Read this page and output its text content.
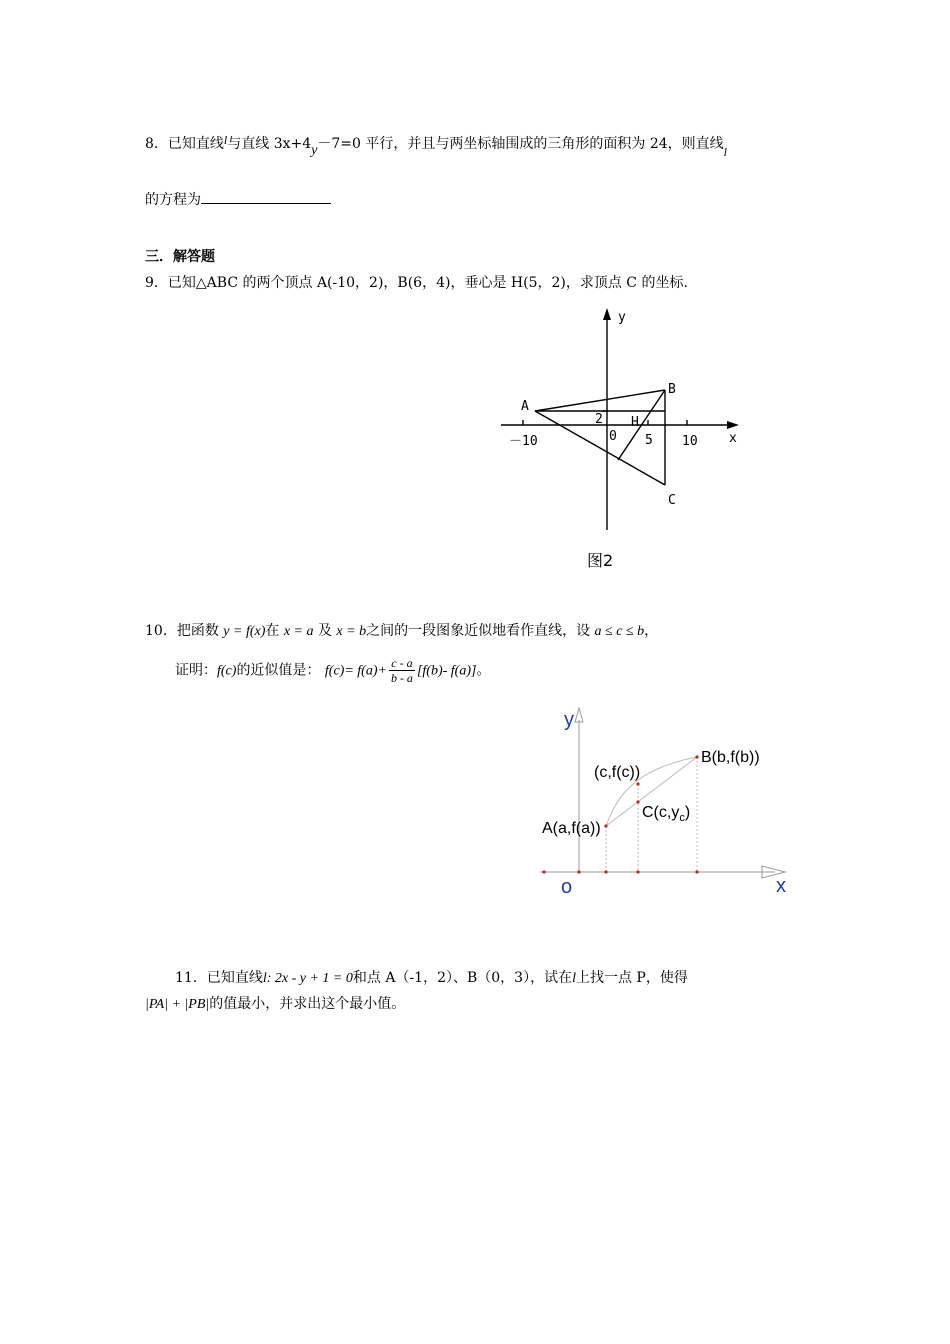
8．已知直线l与直线 3x+4y－7=0 平行，并且与两坐标轴围成的三角形的面积为 24，则直线l
的方程为
三．解答题
9．已知△ABC 的两个顶点 A(-10，2)，B(6，4)，垂心是 H(5，2)，求顶点 C 的坐标.
y
x
A
B
C
H
0
2
－10	5 10
图2
10．把函数 y = f(x)在 x = a 及 x = b之间的一段图象近似地看作直线，设 a ≤ c ≤ b，
证明：f(c)的近似值是： $f(c)= f(a)+ \frac{c - a}{b - a} [f(b)-$ f(a)]。
y
x
o
A(a,f(a))
B(b,f(b))
(c,f(c))
$C(c,y_c)$
11．已知直线l: 2x - y + 1 = 0和点 A（-1，2）、B（0，3），试在l上找一点 P，使得
|PA| + |PB|的值最小，并求出这个最小值。
